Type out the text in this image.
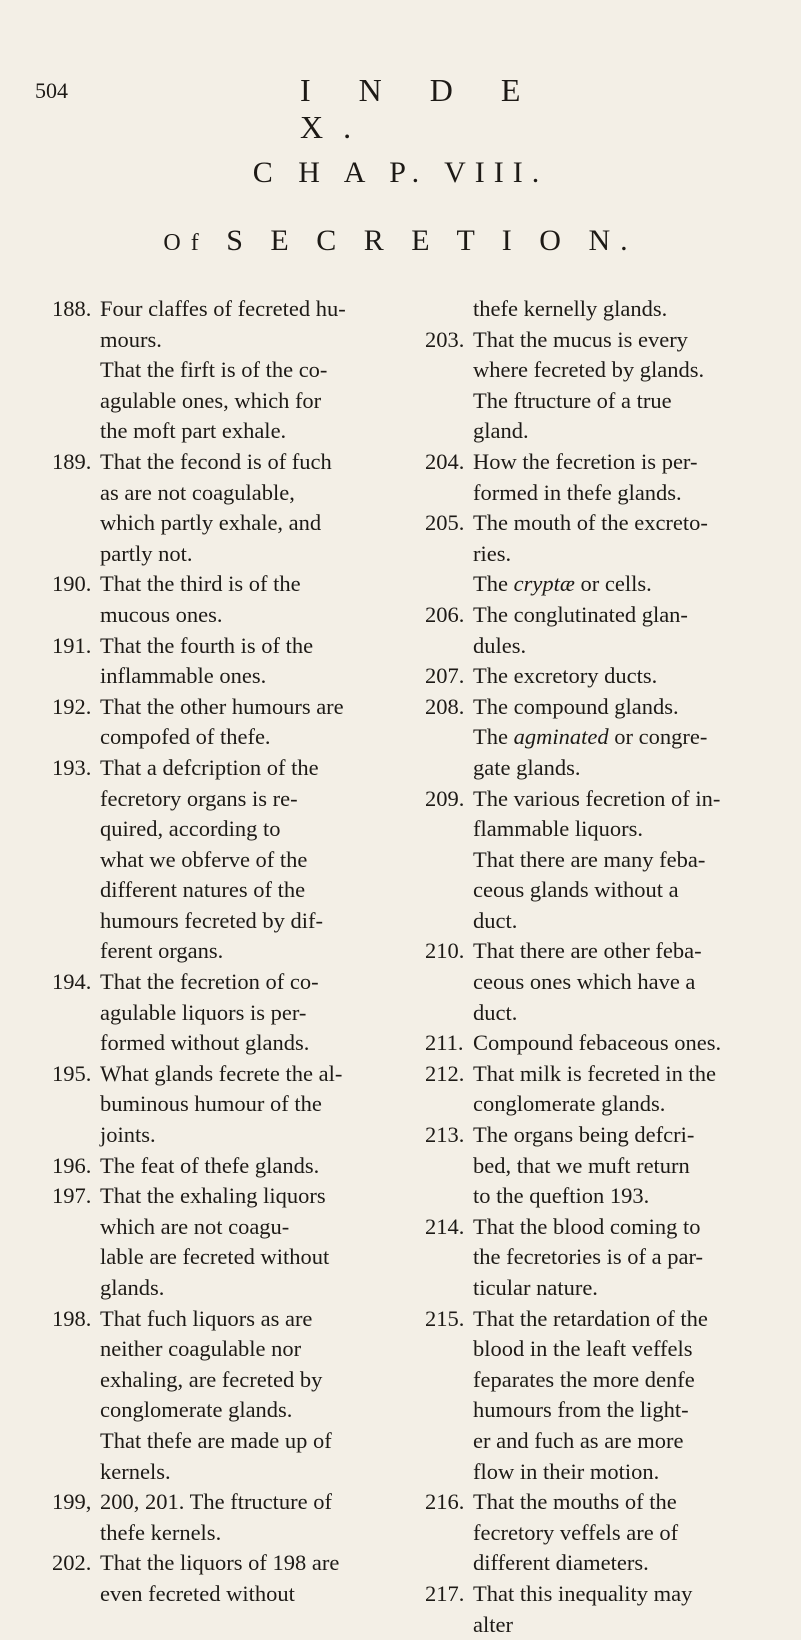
504	I N D E X.
C H A P. VIII.
Of S E C R E T I O N.
188. Four claffes of fecreted hu-
mours.
That the firft is of the co-
agulable ones, which for
the moft part exhale.
189. That the fecond is of fuch
as are not coagulable,
which partly exhale, and
partly not.
190. That the third is of the
mucous ones.
191. That the fourth is of the
inflammable ones.
192. That the other humours are
compofed of thefe.
193. That a defcription of the
fecretory organs is re-
quired, according to
what we obferve of the
different natures of the
humours fecreted by dif-
ferent organs.
194. That the fecretion of co-
agulable liquors is per-
formed without glands.
195. What glands fecrete the al-
buminous humour of the
joints.
196. The feat of thefe glands.
197. That the exhaling liquors
which are not coagu-
lable are fecreted without
glands.
198. That fuch liquors as are
neither coagulable nor
exhaling, are fecreted by
conglomerate glands.
That thefe are made up of
kernels.
199, 200, 201. The ftructure of
thefe kernels.
202. That the liquors of 198 are
even fecreted without
thefe kernelly glands.
203. That the mucus is every
where fecreted by glands.
The ftructure of a true
gland.
204. How the fecretion is per-
formed in thefe glands.
205. The mouth of the excreto-
ries.
The cryptæ or cells.
206. The conglutinated glan-
dules.
207. The excretory ducts.
208. The compound glands.
The agminated or congre-
gate glands.
209. The various fecretion of in-
flammable liquors.
That there are many feba-
ceous glands without a
duct.
210. That there are other feba-
ceous ones which have a
duct.
211. Compound febaceous ones.
212. That milk is fecreted in the
conglomerate glands.
213. The organs being defcri-
bed, that we muft return
to the queftion 193.
214. That the blood coming to
the fecretories is of a par-
ticular nature.
215. That the retardation of the
blood in the leaft veffels
feparates the more denfe
humours from the light-
er and fuch as are more
flow in their motion.
216. That the mouths of the
fecretory veffels are of
different diameters.
217. That this inequality may
alter
